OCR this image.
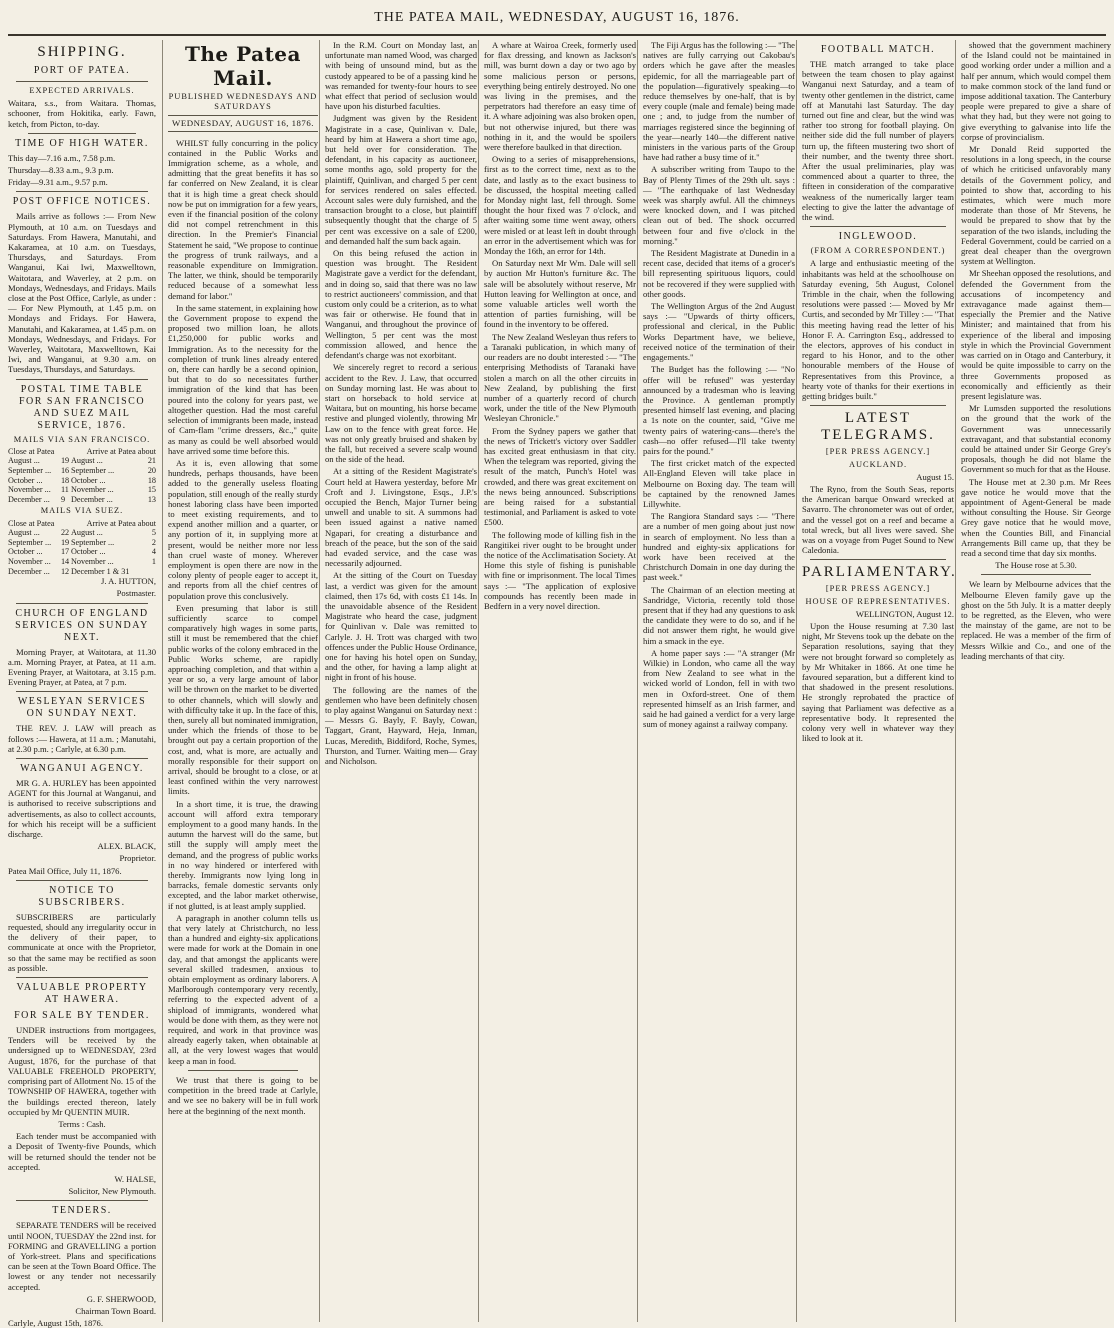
THE PATEA MAIL, WEDNESDAY, AUGUST 16, 1876.
SHIPPING.
PORT OF PATEA.
EXPECTED ARRIVALS.

Waitara, s.s., from Waitara. Thomas, schooner, from Hokitika, early. Fawn, ketch, from Picton, to-day.

TIME OF HIGH WATER.

This day—7.16 a.m., 7.58 p.m.

Thursday—8.33 a.m., 9.3 p.m.

Friday—9.31 a.m., 9.57 p.m.

POST OFFICE NOTICES.

Mails arrive as follows :— From New Plymouth, at 10 a.m. on Tuesdays and Saturdays. From Hawera, Manutahi, and Kakaramea, at 10 a.m. on Tuesdays, Thursdays, and Saturdays. From Wanganui, Kai Iwi, Maxwelltown, Waitotara, and Waverley, at 2 p.m. on Mondays, Wednesdays, and Fridays. Mails close at the Post Office, Carlyle, as under :— For New Plymouth, at 1.45 p.m. on Mondays and Fridays. For Hawera, Manutahi, and Kakaramea, at 1.45 p.m. on Mondays, Wednesdays, and Fridays. For Waverley, Waitotara, Maxwelltown, Kai Iwi, and Wanganui, at 9.30 a.m. on Tuesdays, Thursdays, and Saturdays.

POSTAL TIME TABLE FOR SAN FRANCISCO AND SUEZ MAIL SERVICE, 1876.
MAILS VIA SAN FRANCISCO.
Close at Patea		Arrive at Patea about	
August ...	19	August ...	21
September ...	16	September ...	20
October ...	18	October ...	18
November ...	11	November ...	15
December ...	9	December ...	13
MAILS VIA SUEZ.
Close at Patea		Arrive at Patea about	
August ...	22	August ...	5
September ...	19	September ...	2
October ...	17	October ...	4
November ...	14	November ...	1
December ...	12	December 1 & 31	

J. A. HUTTON,

Postmaster.

CHURCH OF ENGLAND SERVICES ON SUNDAY NEXT.

Morning Prayer, at Waitotara, at 11.30 a.m. Morning Prayer, at Patea, at 11 a.m. Evening Prayer, at Waitotara, at 3.15 p.m. Evening Prayer, at Patea, at 7 p.m.

WESLEYAN SERVICES ON SUNDAY NEXT.

THE REV. J. LAW will preach as follows :— Hawera, at 11 a.m. ; Manutahi, at 2.30 p.m. ; Carlyle, at 6.30 p.m.

WANGANUI AGENCY.

MR G. A. HURLEY has been appointed AGENT for this Journal at Wanganui, and is authorised to receive subscriptions and advertisements, as also to collect accounts, for which his receipt will be a sufficient discharge.

ALEX. BLACK,

Proprietor.

Patea Mail Office, July 11, 1876.

NOTICE TO SUBSCRIBERS.

SUBSCRIBERS are particularly requested, should any irregularity occur in the delivery of their paper, to communicate at once with the Proprietor, so that the same may be rectified as soon as possible.

VALUABLE PROPERTY AT HAWERA.
FOR SALE BY TENDER.

UNDER instructions from mortgagees, Tenders will be received by the undersigned up to WEDNESDAY, 23rd August, 1876, for the purchase of that VALUABLE FREEHOLD PROPERTY, comprising part of Allotment No. 15 of the TOWNSHIP OF HAWERA, together with the buildings erected thereon, lately occupied by Mr QUENTIN MUIR.

Terms : Cash.

Each tender must be accompanied with a Deposit of Twenty-five Pounds, which will be returned should the tender not be accepted.

W. HALSE,

Solicitor, New Plymouth.

TENDERS.

SEPARATE TENDERS will be received until NOON, TUESDAY the 22nd inst. for FORMING and GRAVELLING a portion of York-street. Plans and specifications can be seen at the Town Board Office. The lowest or any tender not necessarily accepted.

G. F. SHERWOOD,

Chairman Town Board.

Carlyle, August 15th, 1876.

The Patea Mail.
PUBLISHED WEDNESDAYS AND SATURDAYS
WEDNESDAY, AUGUST 16, 1876.

WHILST fully concurring in the policy contained in the Public Works and Immigration scheme, as a whole, and admitting that the great benefits it has so far conferred on New Zealand, it is clear that it is high time a great check should now be put on immigration for a few years, even if the financial position of the colony did not compel retrenchment in this direction. In the Premier's Financial Statement he said, "We propose to continue the progress of trunk railways, and a reasonable expenditure on Immigration. The latter, we think, should be temporarily reduced because of a somewhat less demand for labor."

In the same statement, in explaining how the Government propose to expend the proposed two million loan, he allots £1,250,000 for public works and Immigration. As to the necessity for the completion of trunk lines already entered on, there can hardly be a second opinion, but that to do so necessitates further immigration of the kind that has been poured into the colony for years past, we altogether question. Had the most careful selection of immigrants been made, instead of Cam-flam "crime dressers, &c.," quite as many as could be well absorbed would have arrived some time before this.

As it is, even allowing that some hundreds, perhaps thousands, have been added to the generally useless floating population, still enough of the really sturdy honest laboring class have been imported to meet existing requirements, and to expend another million and a quarter, or any portion of it, in supplying more at present, would be neither more nor less than cruel waste of money. Wherever employment is open there are now in the colony plenty of people eager to accept it, and reports from all the chief centres of population prove this conclusively.

Even presuming that labor is still sufficiently scarce to compel comparatively high wages in some parts, still it must be remembered that the chief public works of the colony embraced in the Public Works scheme, are rapidly approaching completion, and that within a year or so, a very large amount of labor will be thrown on the market to be diverted to other channels, which will slowly and with difficulty take it up. In the face of this, then, surely all but nominated immigration, under which the friends of those to be brought out pay a certain proportion of the cost, and, what is more, are actually and morally responsible for their support on arrival, should be brought to a close, or at least confined within the very narrowest limits.

In a short time, it is true, the drawing account will afford extra temporary employment to a good many hands. In the autumn the harvest will do the same, but still the supply will amply meet the demand, and the progress of public works in no way hindered or interfered with thereby. Immigrants now lying long in barracks, female domestic servants only excepted, and the labor market otherwise, if not glutted, is at least amply supplied.

A paragraph in another column tells us that very lately at Christchurch, no less than a hundred and eighty-six applications were made for work at the Domain in one day, and that amongst the applicants were several skilled tradesmen, anxious to obtain employment as ordinary laborers. A Marlborough contemporary very recently, referring to the expected advent of a shipload of immigrants, wondered what would be done with them, as they were not required, and work in that province was already eagerly taken, when obtainable at all, at the very lowest wages that would keep a man in food.

We trust that there is going to be competition in the breed trade at Carlyle, and we see no bakery will be in full work here at the beginning of the next month.

In the R.M. Court on Monday last, an unfortunate man named Wood, was charged with being of unsound mind, but as the custody appeared to be of a passing kind he was remanded for twenty-four hours to see what effect that period of seclusion would have upon his disturbed faculties.

Judgment was given by the Resident Magistrate in a case, Quinlivan v. Dale, heard by him at Hawera a short time ago, but held over for consideration. The defendant, in his capacity as auctioneer, some months ago, sold property for the plaintiff, Quinlivan, and charged 5 per cent for services rendered on sales effected. Account sales were duly furnished, and the transaction brought to a close, but plaintiff subsequently thought that the charge of 5 per cent was excessive on a sale of £200, and demanded half the sum back again.

On this being refused the action in question was brought. The Resident Magistrate gave a verdict for the defendant, and in doing so, said that there was no law to restrict auctioneers' commission, and that custom only could be a criterion, as to what was fair or otherwise. He found that in Wanganui, and throughout the province of Wellington, 5 per cent was the most commission allowed, and hence the defendant's charge was not exorbitant.

We sincerely regret to record a serious accident to the Rev. J. Law, that occurred on Sunday morning last. He was about to start on horseback to hold service at Waitara, but on mounting, his horse became restive and plunged violently, throwing Mr Law on to the fence with great force. He was not only greatly bruised and shaken by the fall, but received a severe scalp wound on the side of the head.

At a sitting of the Resident Magistrate's Court held at Hawera yesterday, before Mr Croft and J. Livingstone, Esqs., J.P.'s occupied the Bench, Major Turner being unwell and unable to sit. A summons had been issued against a native named Ngapari, for creating a disturbance and breach of the peace, but the son of the said had evaded service, and the case was necessarily adjourned.

At the sitting of the Court on Tuesday last, a verdict was given for the amount claimed, then 17s 6d, with costs £1 14s. In the unavoidable absence of the Resident Magistrate who heard the case, judgment for Quinlivan v. Dale was remitted to Carlyle. J. H. Trott was charged with two offences under the Public House Ordinance, one for having his hotel open on Sunday, and the other, for having a lamp alight at night in front of his house.

The following are the names of the gentlemen who have been definitely chosen to play against Wanganui on Saturday next :— Messrs G. Bayly, F. Bayly, Cowan, Taggart, Grant, Hayward, Heja, Inman, Lucas, Meredith, Biddiford, Roche, Symes, Thurston, and Turner. Waiting men— Gray and Nicholson.

A whare at Wairoa Creek, formerly used for flax dressing, and known as Jackson's mill, was burnt down a day or two ago by some malicious person or persons, everything being entirely destroyed. No one was living in the premises, and the perpetrators had therefore an easy time of it. A whare adjoining was also broken open, but not otherwise injured, but there was nothing in it, and the would be spoilers were therefore baulked in that direction.

Owing to a series of misapprehensions, first as to the correct time, next as to the date, and lastly as to the exact business to be discussed, the hospital meeting called for Monday night last, fell through. Some thought the hour fixed was 7 o'clock, and after waiting some time went away, others were misled or at least left in doubt through an error in the advertisement which was for Monday the 16th, an error for 14th.

On Saturday next Mr Wm. Dale will sell by auction Mr Hutton's furniture &c. The sale will be absolutely without reserve, Mr Hutton leaving for Wellington at once, and some valuable articles well worth the attention of parties furnishing, will be found in the inventory to be offered.

The New Zealand Wesleyan thus refers to a Taranaki publication, in which many of our readers are no doubt interested :— "The enterprising Methodists of Taranaki have stolen a march on all the other circuits in New Zealand, by publishing the first number of a quarterly record of church work, under the title of the New Plymouth Wesleyan Chronicle."

From the Sydney papers we gather that the news of Trickett's victory over Saddler has excited great enthusiasm in that city. When the telegram was reported, giving the result of the match, Punch's Hotel was crowded, and there was great excitement on the news being announced. Subscriptions are being raised for a substantial testimonial, and Parliament is asked to vote £500.

The following mode of killing fish in the Rangitikei river ought to be brought under the notice of the Acclimatisation Society. At Home this style of fishing is punishable with fine or imprisonment. The local Times says :— "The application of explosive compounds has recently been made in Bedfern in a very novel direction.

The Fiji Argus has the following :— "The natives are fully carrying out Cakobau's orders which he gave after the measles epidemic, for all the marriageable part of the population—figuratively speaking—to reduce themselves by one-half, that is by every couple (male and female) being made one ; and, to judge from the number of marriages registered since the beginning of the year—nearly 140—the different native ministers in the various parts of the Group have had rather a busy time of it."

A subscriber writing from Taupo to the Bay of Plenty Times of the 29th ult. says :— "The earthquake of last Wednesday week was sharply awful. All the chimneys were knocked down, and I was pitched clean out of bed. The shock occurred between four and five o'clock in the morning."

The Resident Magistrate at Dunedin in a recent case, decided that items of a grocer's bill representing spirituous liquors, could not be recovered if they were supplied with other goods.

The Wellington Argus of the 2nd August says :— "Upwards of thirty officers, professional and clerical, in the Public Works Department have, we believe, received notice of the termination of their engagements."

The Budget has the following :— "No offer will be refused" was yesterday announced by a tradesman who is leaving the Province. A gentleman promptly presented himself last evening, and placing a 1s note on the counter, said, "Give me twenty pairs of watering-cans—there's the cash—no offer refused—I'll take twenty pairs for the pound."

The first cricket match of the expected All-England Eleven will take place in Melbourne on Boxing day. The team will be captained by the renowned James Lillywhite.

The Rangiora Standard says :— "There are a number of men going about just now in search of employment. No less than a hundred and eighty-six applications for work have been received at the Christchurch Domain in one day during the past week."

The Chairman of an election meeting at Sandridge, Victoria, recently told those present that if they had any questions to ask the candidate they were to do so, and if he did not answer them right, he would give him a smack in the eye.

A home paper says :— "A stranger (Mr Wilkie) in London, who came all the way from New Zealand to see what in the wicked world of London, fell in with two men in Oxford-street. One of them represented himself as an Irish farmer, and said he had gained a verdict for a very large sum of money against a railway company.

FOOTBALL MATCH.

THE match arranged to take place between the team chosen to play against Wanganui next Saturday, and a team of twenty other gentlemen in the district, came off at Manutahi last Saturday. The day turned out fine and clear, but the wind was rather too strong for football playing. On neither side did the full number of players turn up, the fifteen mustering two short of their number, and the twenty three short. After the usual preliminaries, play was commenced about a quarter to three, the fifteen in consideration of the comparative weakness of the numerically larger team electing to give the latter the advantage of the wind.

INGLEWOOD.
(FROM A CORRESPONDENT.)

A large and enthusiastic meeting of the inhabitants was held at the schoolhouse on Saturday evening, 5th August, Colonel Trimble in the chair, when the following resolutions were passed :— Moved by Mr Curtis, and seconded by Mr Tilley :— "That this meeting having read the letter of his Honor F. A. Carrington Esq., addressed to the electors, approves of his conduct in regard to his Honor, and to the other honourable members of the House of Representatives from this Province, a hearty vote of thanks for their exertions in getting bridges built."

LATEST TELEGRAMS.
[PER PRESS AGENCY.]
AUCKLAND.

August 15.

The Ryno, from the South Seas, reports the American barque Onward wrecked at Savarro. The chronometer was out of order, and the vessel got on a reef and became a total wreck, but all lives were saved. She was on a voyage from Puget Sound to New Caledonia.

PARLIAMENTARY.
[PER PRESS AGENCY.]
HOUSE OF REPRESENTATIVES.

WELLINGTON, August 12.

Upon the House resuming at 7.30 last night, Mr Stevens took up the debate on the Separation resolutions, saying that they were not brought forward so completely as by Mr Whitaker in 1866. At one time he favoured separation, but a different kind to that shadowed in the present resolutions. He strongly reprobated the practice of saying that Parliament was defective as a representative body. It represented the colony very well in whatever way they liked to look at it.

showed that the government machinery of the Island could not be maintained in good working order under a million and a half per annum, which would compel them to make common stock of the land fund or impose additional taxation. The Canterbury people were prepared to give a share of what they had, but they were not going to give everything to galvanise into life the corpse of provincialism.

Mr Donald Reid supported the resolutions in a long speech, in the course of which he criticised unfavorably many details of the Government policy, and pointed to show that, according to his estimates, which were much more moderate than those of Mr Stevens, he would be prepared to show that by the separation of the two islands, including the Federal Government, could be carried on a great deal cheaper than the overgrown system at Wellington.

Mr Sheehan opposed the resolutions, and defended the Government from the accusations of incompetency and extravagance made against them—especially the Premier and the Native Minister; and maintained that from his experience of the liberal and imposing style in which the Provincial Government was carried on in Otago and Canterbury, it would be quite impossible to carry on the three Governments proposed as economically and efficiently as their present legislature was.

Mr Lumsden supported the resolutions on the ground that the work of the Government was unnecessarily extravagant, and that substantial economy could be attained under Sir George Grey's proposals, though he did not blame the Government so much for that as the House.

The House met at 2.30 p.m. Mr Rees gave notice he would move that the appointment of Agent-General be made without consulting the House. Sir George Grey gave notice that he would move, when the Counties Bill, and Financial Arrangements Bill came up, that they be read a second time that day six months.

The House rose at 5.30.

We learn by Melbourne advices that the Melbourne Eleven family gave up the ghost on the 5th July. It is a matter deeply to be regretted, as the Eleven, who were the mainstay of the game, are not to be replaced. He was a member of the firm of Messrs Wilkie and Co., and one of the leading merchants of that city.
